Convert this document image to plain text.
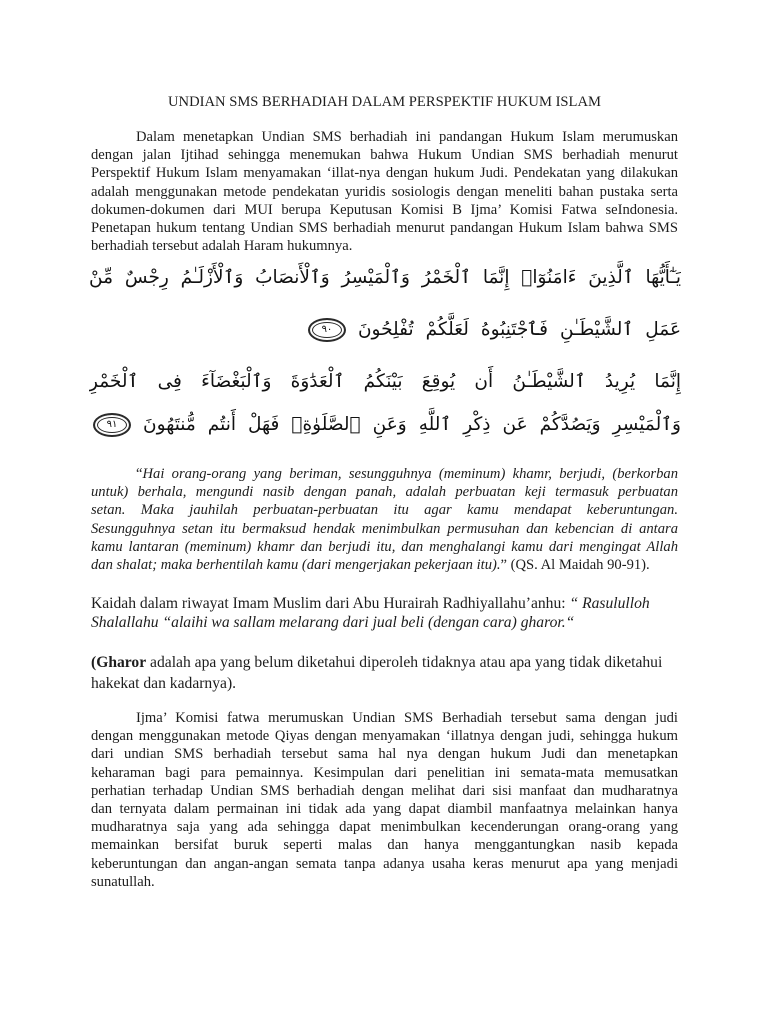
UNDIAN SMS BERHADIAH DALAM PERSPEKTIF HUKUM ISLAM
Dalam menetapkan Undian SMS berhadiah ini pandangan Hukum Islam merumuskan
dengan jalan Ijtihad sehingga menemukan bahwa Hukum Undian SMS berhadiah menurut
Perspektif Hukum Islam menyamakan ‘illat-nya dengan hukum Judi. Pendekatan yang dilakukan
adalah menggunakan metode pendekatan yuridis sosiologis dengan meneliti bahan pustaka serta
dokumen-dokumen dari MUI berupa Keputusan Komisi B Ijma’ Komisi Fatwa seIndonesia.
Penetapan hukum tentang Undian SMS berhadiah menurut pandangan Hukum Islam bahwa SMS
berhadiah tersebut adalah Haram hukumnya.
يَـٰٓأَيُّهَا
ٱلَّذِينَ
ءَامَنُوٓا۟
إِنَّمَا
ٱلْخَمْرُ
وَٱلْمَيْسِرُ
وَٱلْأَنصَابُ
وَٱلْأَزْلَـٰمُ
رِجْسٌ
مِّنْ
عَمَلِ
ٱلشَّيْطَـٰنِ
فَٱجْتَنِبُوهُ
لَعَلَّكُمْ
تُفْلِحُونَ
٩٠
إِنَّمَا
يُرِيدُ
ٱلشَّيْطَـٰنُ
أَن
يُوقِعَ
بَيْنَكُمُ
ٱلْعَدَٰوَةَ
وَٱلْبَغْضَآءَ
فِى
ٱلْخَمْرِ
وَٱلْمَيْسِرِ
وَيَصُدَّكُمْ
عَن
ذِكْرِ
ٱللَّهِ
وَعَنِ
ٱلصَّلَوٰةِۖ
فَهَلْ
أَنتُم
مُّنتَهُونَ
٩١
“Hai orang-orang yang beriman, sesungguhnya (meminum) khamr, berjudi, (berkorban
untuk) berhala, mengundi nasib dengan panah, adalah perbuatan keji termasuk perbuatan
setan. Maka jauhilah perbuatan-perbuatan itu agar kamu mendapat keberuntungan.
Sesungguhnya setan itu bermaksud hendak menimbulkan permusuhan dan kebencian di antara
kamu lantaran (meminum) khamr dan berjudi itu, dan menghalangi kamu dari mengingat Allah
dan shalat; maka berhentilah kamu (dari mengerjakan pekerjaan itu).” (QS. Al Maidah 90-91).
Kaidah dalam riwayat Imam Muslim dari Abu Hurairah Radhiyallahu’anhu: “ Rasululloh
Shalallahu “alaihi wa sallam melarang dari jual beli (dengan cara) gharor.“
(Gharor adalah apa yang belum diketahui diperoleh tidaknya atau apa yang tidak diketahui
hakekat dan kadarnya).
Ijma’ Komisi fatwa merumuskan Undian SMS Berhadiah tersebut sama dengan judi
dengan menggunakan metode Qiyas dengan menyamakan ‘illatnya dengan judi, sehingga hukum
dari undian SMS berhadiah tersebut sama hal nya dengan hukum Judi dan menetapkan
keharaman bagi para pemainnya. Kesimpulan dari penelitian ini semata-mata memusatkan
perhatian terhadap Undian SMS berhadiah dengan melihat dari sisi manfaat dan mudharatnya
dan ternyata dalam permainan ini tidak ada yang dapat diambil manfaatnya melainkan hanya
mudharatnya saja yang ada sehingga dapat menimbulkan kecenderungan orang-orang yang
memainkan bersifat buruk seperti malas dan hanya menggantungkan nasib kepada
keberuntungan dan angan-angan semata tanpa adanya usaha keras menurut apa yang menjadi
sunatullah.
